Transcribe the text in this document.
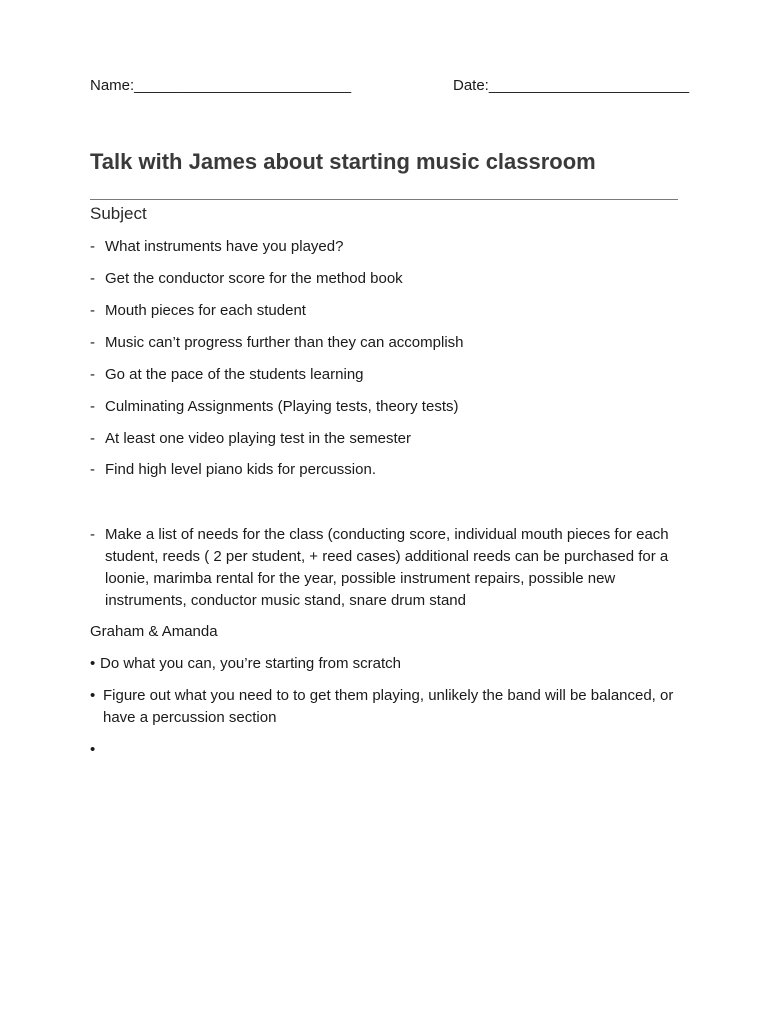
Name:__________________________	Date:________________________
Talk with James about starting music classroom
Subject
- What instruments have you played?
- Get the conductor score for the method book
- Mouth pieces for each student
- Music can’t progress further than they can accomplish
- Go at the pace of the students learning
- Culminating Assignments (Playing tests, theory tests)
- At least one video playing test in the semester
- Find high level piano kids for percussion.
- Make a list of needs for the class (conducting score, individual mouth pieces for each student, reeds ( 2 per student, + reed cases) additional reeds can be purchased for a loonie, marimba rental for the year, possible instrument repairs, possible new instruments, conductor music stand, snare drum stand
Graham & Amanda
• Do what you can, you’re starting from scratch
• Figure out what you need to to get them playing, unlikely the band will be balanced, or have a percussion section
•
